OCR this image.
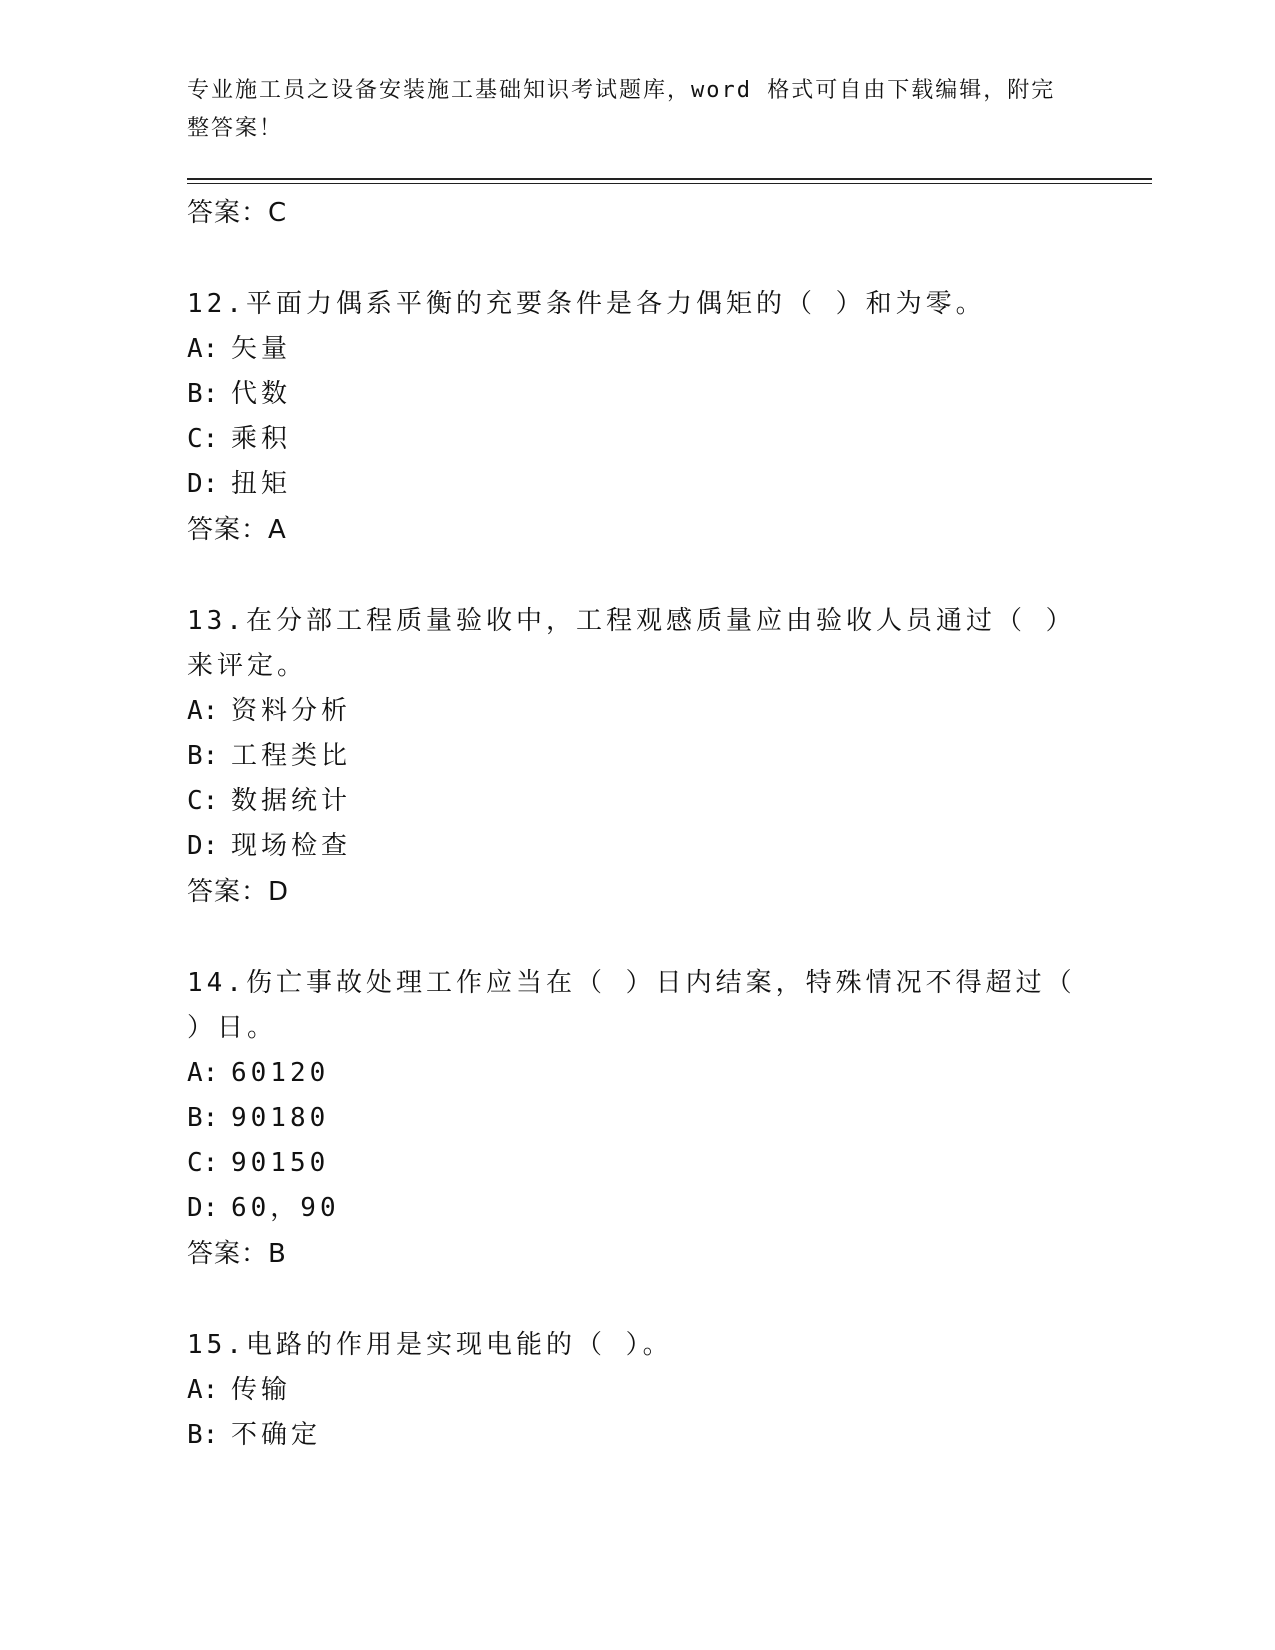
专业施工员之设备安装施工基础知识考试题库，word 格式可自由下载编辑，附完整答案！
答案：C
12.平面力偶系平衡的充要条件是各力偶矩的（ ）和为零。
A: 矢量
B: 代数
C: 乘积
D: 扭矩
答案：A
13.在分部工程质量验收中，工程观感质量应由验收人员通过（ ）来评定。
A: 资料分析
B: 工程类比
C: 数据统计
D: 现场检查
答案：D
14.伤亡事故处理工作应当在（ ）日内结案，特殊情况不得超过（ ）日。
A: 60120
B: 90180
C: 90150
D: 60，90
答案：B
15.电路的作用是实现电能的（ ）。
A: 传输
B: 不确定
